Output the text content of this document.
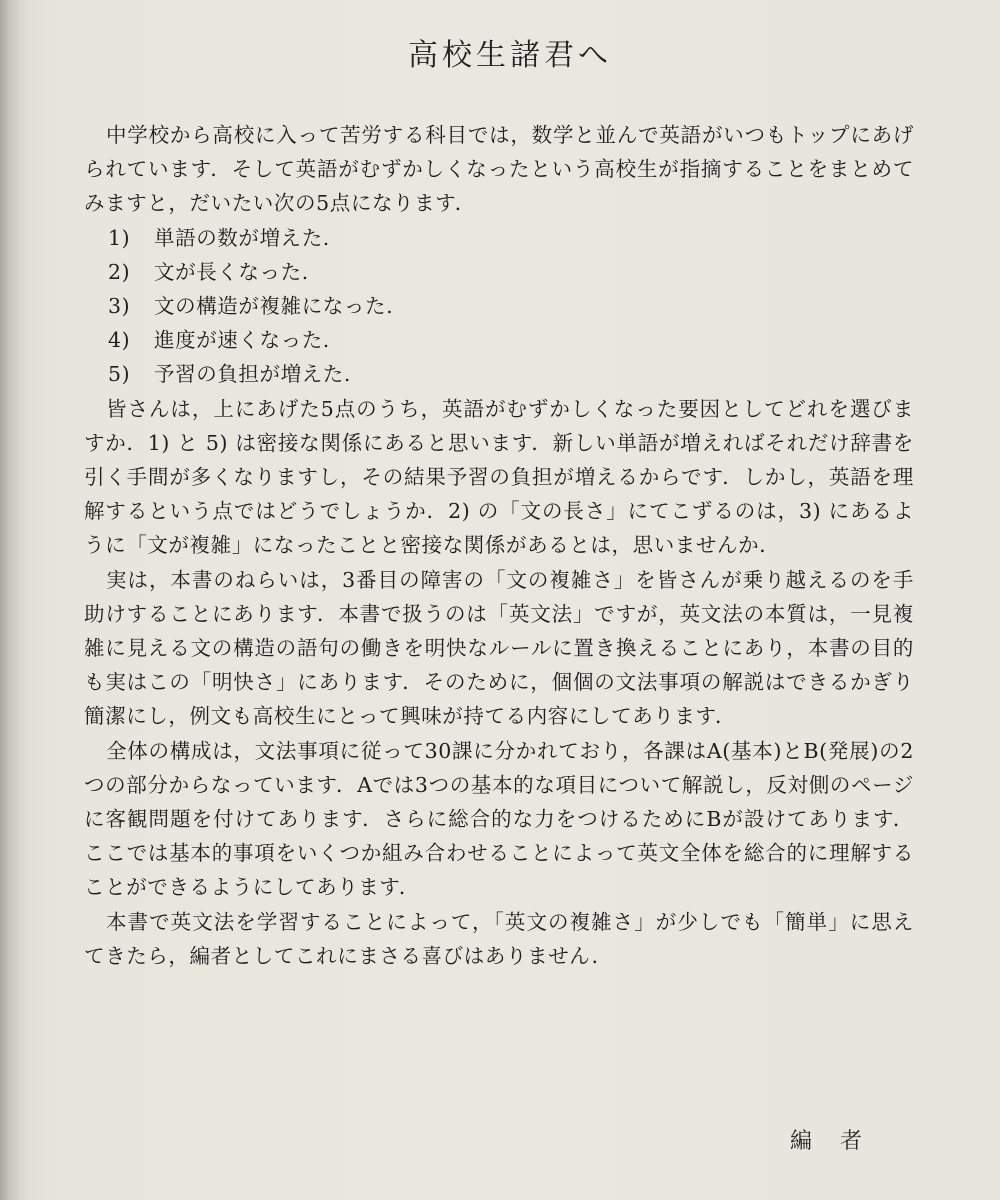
高校生諸君へ

中学校から高校に入って苦労する科目では，数学と並んで英語がいつもトップにあげられています．そして英語がむずかしくなったという高校生が指摘することをまとめてみますと，だいたい次の5点になります．

1) 単語の数が増えた.
2) 文が長くなった.
3) 文の構造が複雑になった.
4) 進度が速くなった.
5) 予習の負担が増えた.

皆さんは，上にあげた5点のうち，英語がむずかしくなった要因としてどれを選びますか．1) と 5) は密接な関係にあると思います．新しい単語が増えればそれだけ辞書を引く手間が多くなりますし，その結果予習の負担が増えるからです．しかし，英語を理解するという点ではどうでしょうか．2) の「文の長さ」にてこずるのは，3) にあるように「文が複雑」になったことと密接な関係があるとは，思いませんか．

実は，本書のねらいは，3番目の障害の「文の複雑さ」を皆さんが乗り越えるのを手助けすることにあります．本書で扱うのは「英文法」ですが，英文法の本質は，一見複雑に見える文の構造の語句の働きを明快なルールに置き換えることにあり，本書の目的も実はこの「明快さ」にあります．そのために，個個の文法事項の解説はできるかぎり簡潔にし，例文も高校生にとって興味が持てる内容にしてあります．

全体の構成は，文法事項に従って30課に分かれており，各課はA(基本)とB(発展)の2つの部分からなっています．Aでは3つの基本的な項目について解説し，反対側のページに客観問題を付けてあります．さらに総合的な力をつけるためにBが設けてあります．ここでは基本的事項をいくつか組み合わせることによって英文全体を総合的に理解することができるようにしてあります．

本書で英文法を学習することによって，「英文の複雑さ」が少しでも「簡単」に思えてきたら，編者としてこれにまさる喜びはありません．

編者
